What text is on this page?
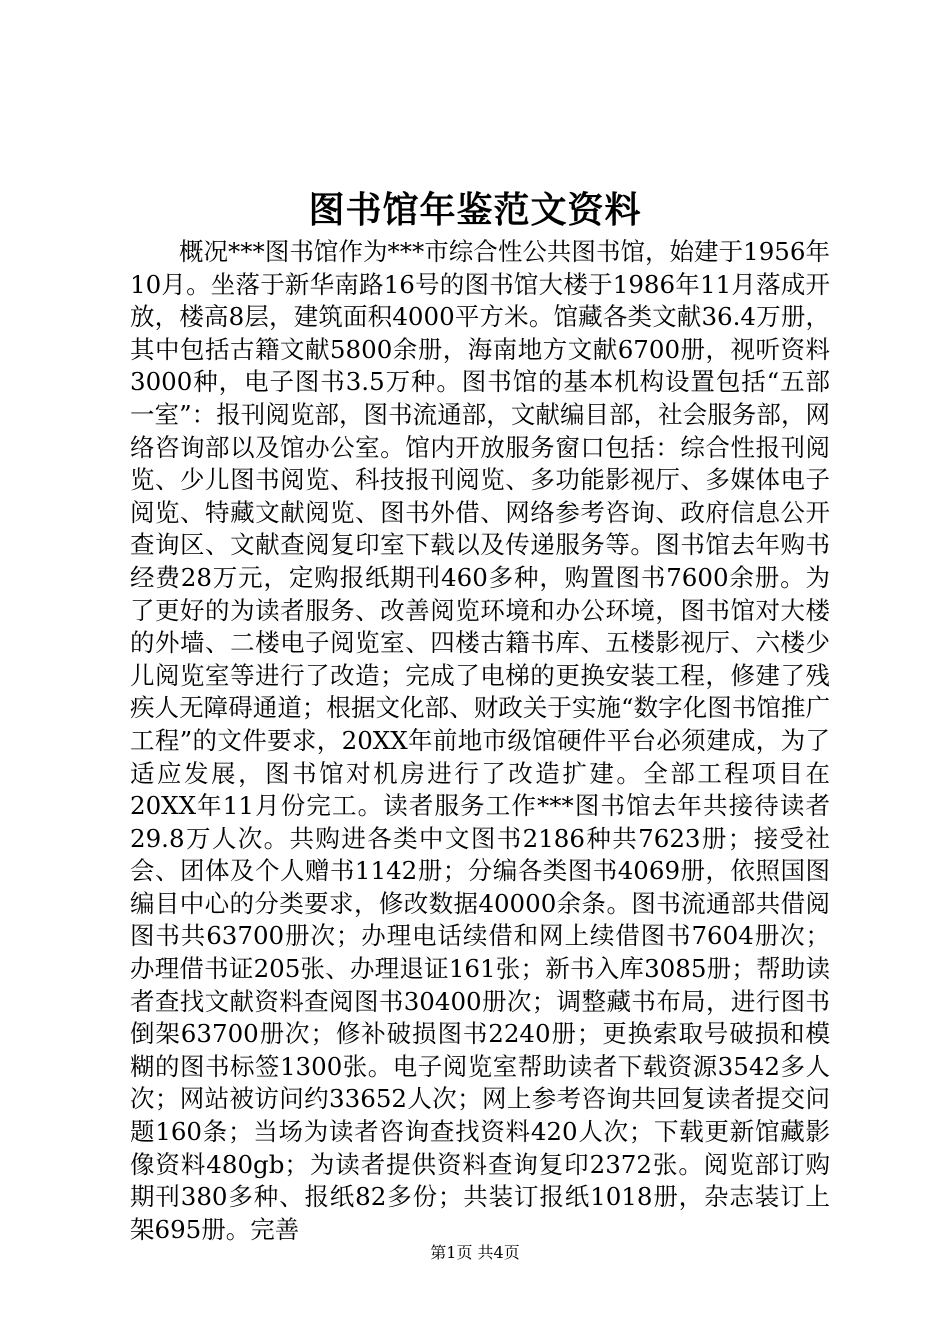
图书馆年鉴范文资料

概况***图书馆作为***市综合性公共图书馆，始建于1956年10月。坐落于新华南路16号的图书馆大楼于1986年11月落成开放，楼高8层，建筑面积4000平方米。馆藏各类文献36.4万册，其中包括古籍文献5800余册，海南地方文献6700册，视听资料3000种，电子图书3.5万种。图书馆的基本机构设置包括“五部一室”：报刊阅览部，图书流通部，文献编目部，社会服务部，网络咨询部以及馆办公室。馆内开放服务窗口包括：综合性报刊阅览、少儿图书阅览、科技报刊阅览、多功能影视厅、多媒体电子阅览、特藏文献阅览、图书外借、网络参考咨询、政府信息公开查询区、文献查阅复印室下载以及传递服务等。图书馆去年购书经费28万元，定购报纸期刊460多种，购置图书7600余册。为了更好的为读者服务、改善阅览环境和办公环境，图书馆对大楼的外墙、二楼电子阅览室、四楼古籍书库、五楼影视厅、六楼少儿阅览室等进行了改造；完成了电梯的更换安装工程，修建了残疾人无障碍通道；根据文化部、财政关于实施“数字化图书馆推广工程”的文件要求，20XX年前地市级馆硬件平台必须建成，为了适应发展，图书馆对机房进行了改造扩建。全部工程项目在20XX年11月份完工。读者服务工作***图书馆去年共接待读者29.8万人次。共购进各类中文图书2186种共7623册；接受社会、团体及个人赠书1142册；分编各类图书4069册，依照国图编目中心的分类要求，修改数据40000余条。图书流通部共借阅图书共63700册次；办理电话续借和网上续借图书7604册次；办理借书证205张、办理退证161张；新书入库3085册；帮助读者查找文献资料查阅图书30400册次；调整藏书布局，进行图书倒架63700册次；修补破损图书2240册；更换索取号破损和模糊的图书标签1300张。电子阅览室帮助读者下载资源3542多人次；网站被访问约33652人次；网上参考咨询共回复读者提交问题160条；当场为读者咨询查找资料420人次；下载更新馆藏影像资料480gb；为读者提供资料查询复印2372张。阅览部订购期刊380多种、报纸82多份；共装订报纸1018册，杂志装订上架695册。完善

第1页 共4页
